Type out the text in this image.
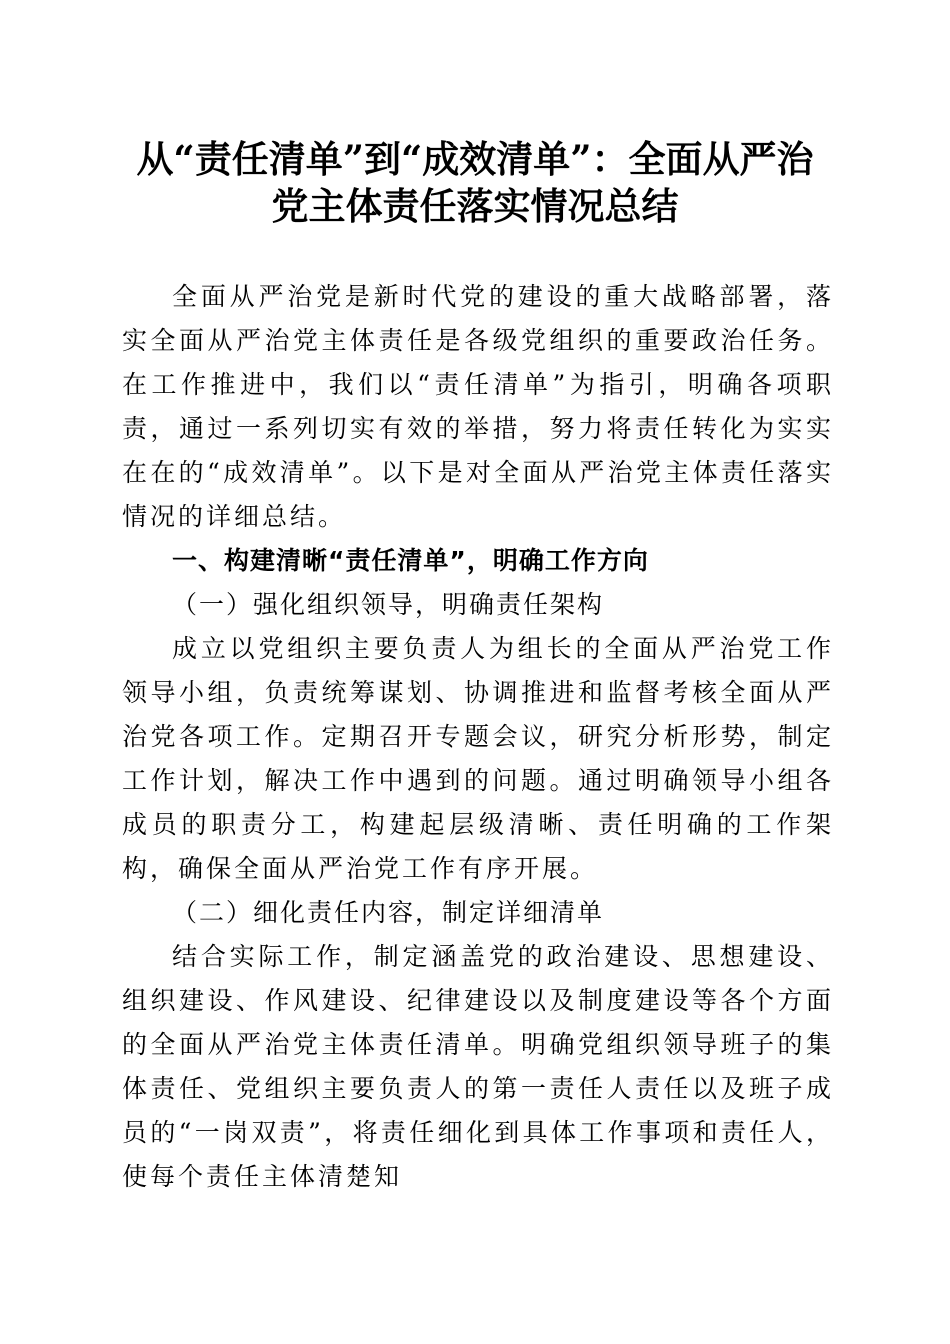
从“责任清单”到“成效清单”：全面从严治
党主体责任落实情况总结

全面从严治党是新时代党的建设的重大战略部署，落实全面从严治党主体责任是各级党组织的重要政治任务。在工作推进中，我们以“责任清单”为指引，明确各项职责，通过一系列切实有效的举措，努力将责任转化为实实在在的“成效清单”。以下是对全面从严治党主体责任落实情况的详细总结。

一、构建清晰“责任清单”，明确工作方向

（一）强化组织领导，明确责任架构

成立以党组织主要负责人为组长的全面从严治党工作领导小组，负责统筹谋划、协调推进和监督考核全面从严治党各项工作。定期召开专题会议，研究分析形势，制定工作计划，解决工作中遇到的问题。通过明确领导小组各成员的职责分工，构建起层级清晰、责任明确的工作架构，确保全面从严治党工作有序开展。

（二）细化责任内容，制定详细清单

结合实际工作，制定涵盖党的政治建设、思想建设、组织建设、作风建设、纪律建设以及制度建设等各个方面的全面从严治党主体责任清单。明确党组织领导班子的集体责任、党组织主要负责人的第一责任人责任以及班子成员的“一岗双责”，将责任细化到具体工作事项和责任人，使每个责任主体清楚知
